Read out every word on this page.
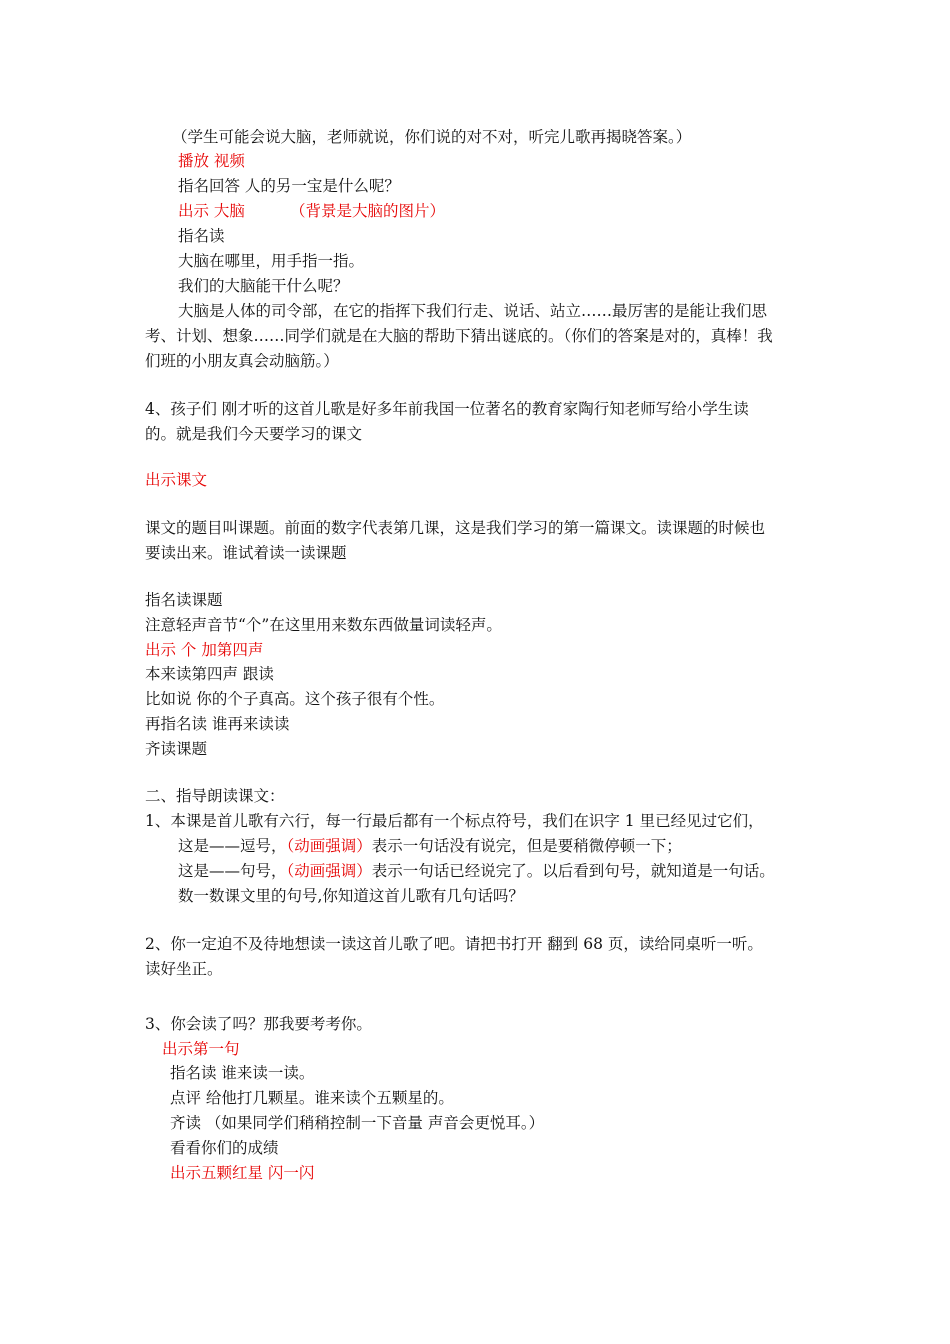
（学生可能会说大脑，老师就说，你们说的对不对，听完儿歌再揭晓答案。）
播放 视频
指名回答 人的另一宝是什么呢？
出示 大脑	（背景是大脑的图片）
指名读
大脑在哪里，用手指一指。
我们的大脑能干什么呢？
大脑是人体的司令部，在它的指挥下我们行走、说话、站立……最厉害的是能让我们思
考、计划、想象……同学们就是在大脑的帮助下猜出谜底的。（你们的答案是对的，真棒！我
们班的小朋友真会动脑筋。）
4、孩子们 刚才听的这首儿歌是好多年前我国一位著名的教育家陶行知老师写给小学生读
的。就是我们今天要学习的课文
出示课文
课文的题目叫课题。前面的数字代表第几课，这是我们学习的第一篇课文。读课题的时候也
要读出来。谁试着读一读课题
指名读课题
注意轻声音节“个”在这里用来数东西做量词读轻声。
出示 个 加第四声
本来读第四声 跟读
比如说 你的个子真高。这个孩子很有个性。
再指名读 谁再来读读
齐读课题
二、指导朗读课文：
1、本课是首儿歌有六行，每一行最后都有一个标点符号，我们在识字 1 里已经见过它们，
这是——逗号，（动画强调）表示一句话没有说完，但是要稍微停顿一下；
这是——句号，（动画强调）表示一句话已经说完了。以后看到句号，就知道是一句话。
数一数课文里的句号,你知道这首儿歌有几句话吗？
2、你一定迫不及待地想读一读这首儿歌了吧。请把书打开 翻到 68 页，读给同桌听一听。
读好坐正。
3、你会读了吗？那我要考考你。
出示第一句
指名读 谁来读一读。
点评 给他打几颗星。谁来读个五颗星的。
齐读 （如果同学们稍稍控制一下音量 声音会更悦耳。）
看看你们的成绩
出示五颗红星 闪一闪
